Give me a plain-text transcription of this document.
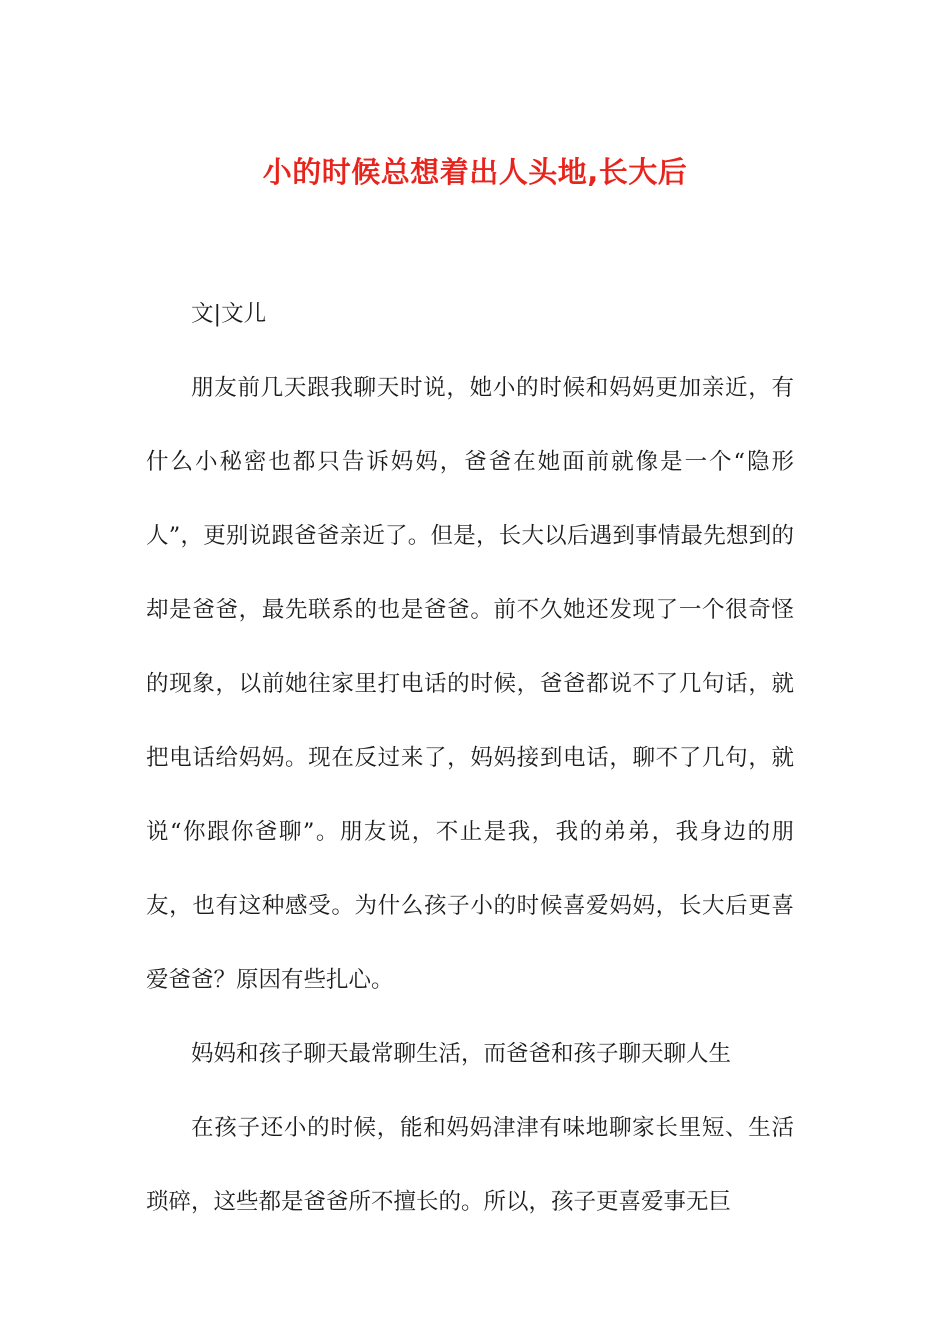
小的时候总想着出人头地,长大后

文|文儿

朋友前几天跟我聊天时说，她小的时候和妈妈更加亲近，有什么小秘密也都只告诉妈妈，爸爸在她面前就像是一个“隐形人”，更别说跟爸爸亲近了。但是，长大以后遇到事情最先想到的却是爸爸，最先联系的也是爸爸。前不久她还发现了一个很奇怪的现象，以前她往家里打电话的时候，爸爸都说不了几句话，就把电话给妈妈。现在反过来了，妈妈接到电话，聊不了几句，就说“你跟你爸聊”。朋友说，不止是我，我的弟弟，我身边的朋友，也有这种感受。为什么孩子小的时候喜爱妈妈，长大后更喜爱爸爸？原因有些扎心。

妈妈和孩子聊天最常聊生活，而爸爸和孩子聊天聊人生

在孩子还小的时候，能和妈妈津津有味地聊家长里短、生活琐碎，这些都是爸爸所不擅长的。所以，孩子更喜爱事无巨
